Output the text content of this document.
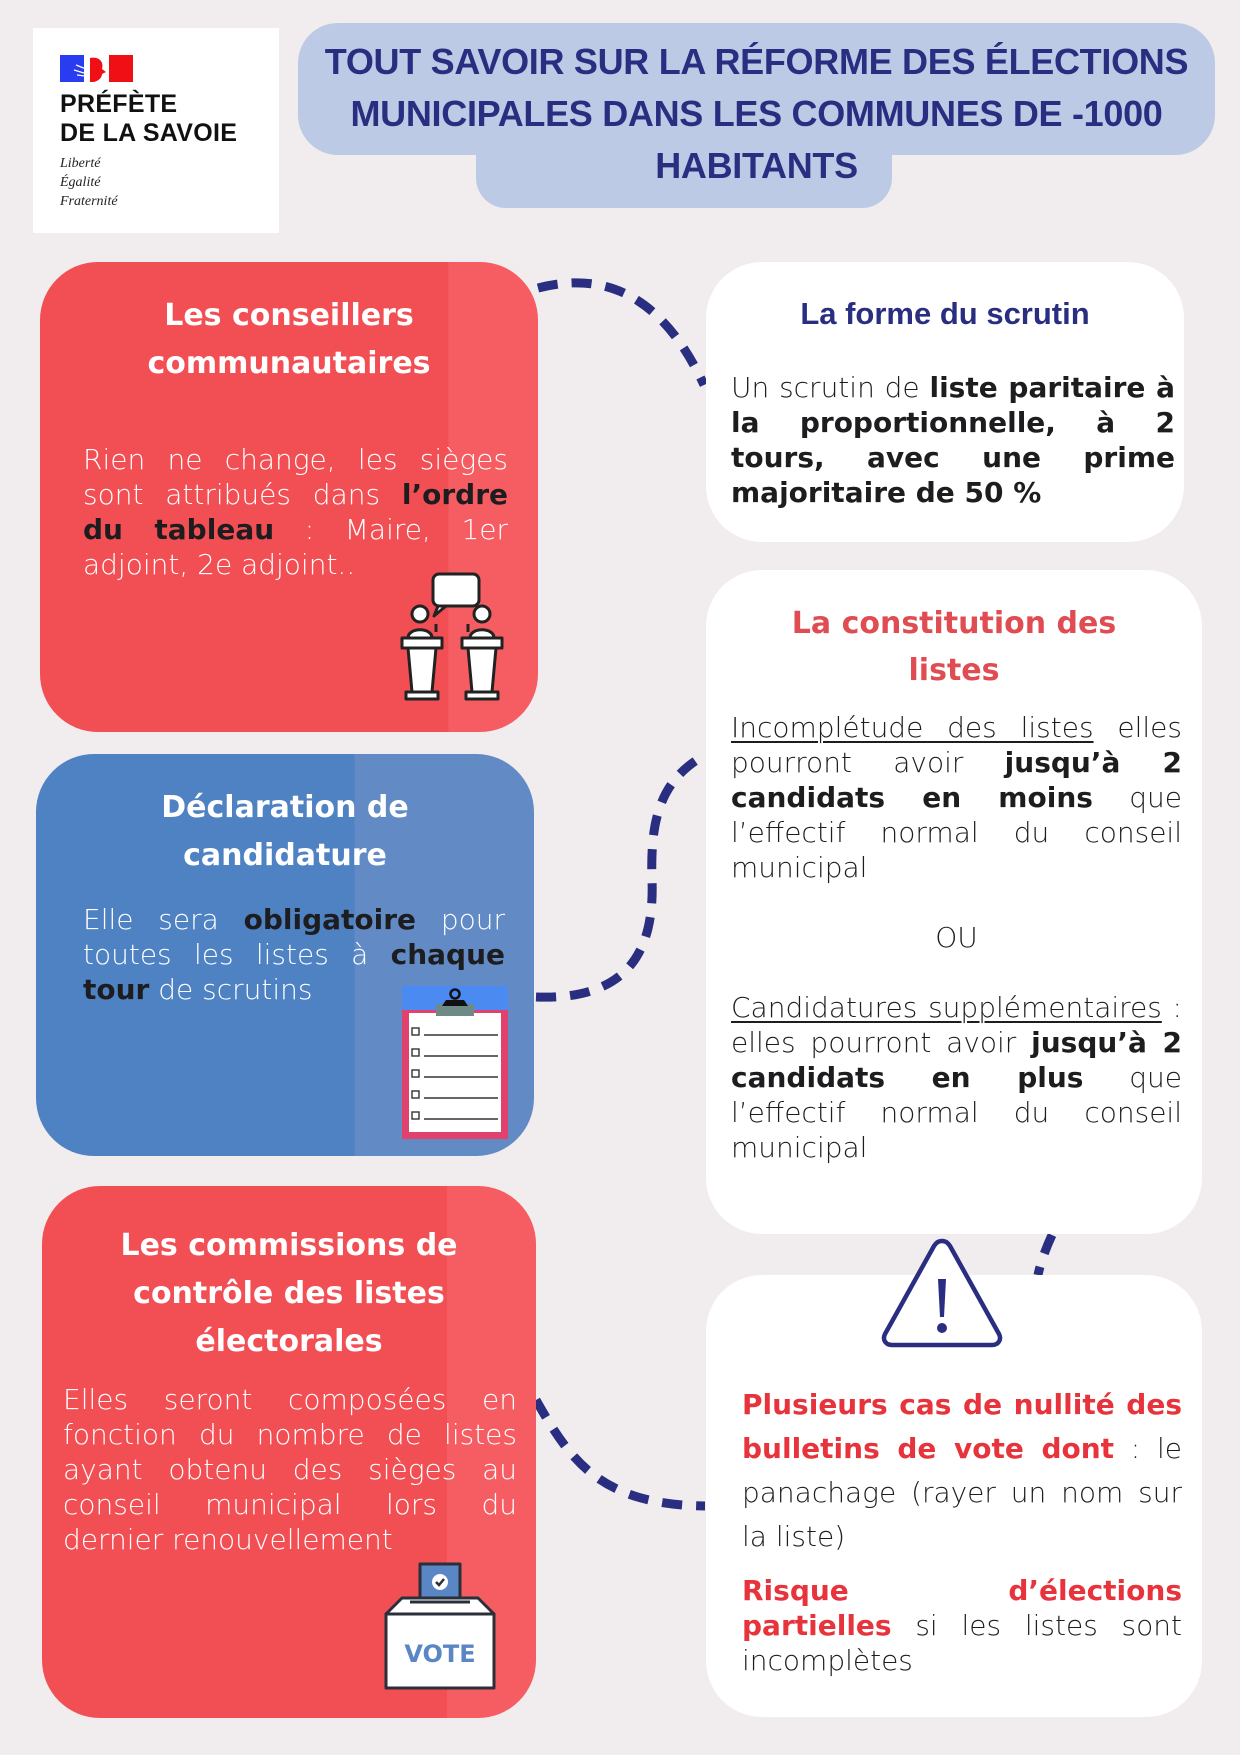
PRÉFÈTE
DE LA SAVOIE
Liberté
Égalité
Fraternité
TOUT SAVOIR SUR LA RÉFORME DES ÉLECTIONS
MUNICIPALES DANS LES COMMUNES DE -1000
HABITANTS
Les conseillers
communautaires
Rien ne change, les sièges sont attribués dans l’ordre du tableau : Maire, 1er adjoint, 2e adjoint..
Déclaration de
candidature
Elle sera obligatoire pour toutes les listes à chaque tour de scrutins
Les commissions de
contrôle des listes
électorales
Elles seront composées en fonction du nombre de listes ayant obtenu des sièges au conseil municipal lors du dernier renouvellement
VOTE
La forme du scrutin
Un scrutin de liste paritaire à la proportionnelle, à 2 tours, avec une prime majoritaire de 50 %
La constitution des
listes
Incomplétude des listes elles pourront avoir jusqu’à 2 candidats en moins que l’effectif normal du conseil municipal
OU
Candidatures supplémentaires : elles pourront avoir jusqu’à 2 candidats en plus que l’effectif normal du conseil municipal
Plusieurs cas de nullité des bulletins de vote dont : le panachage (rayer un nom sur la liste)
Risque d’élections partielles si les listes sont incomplètes
